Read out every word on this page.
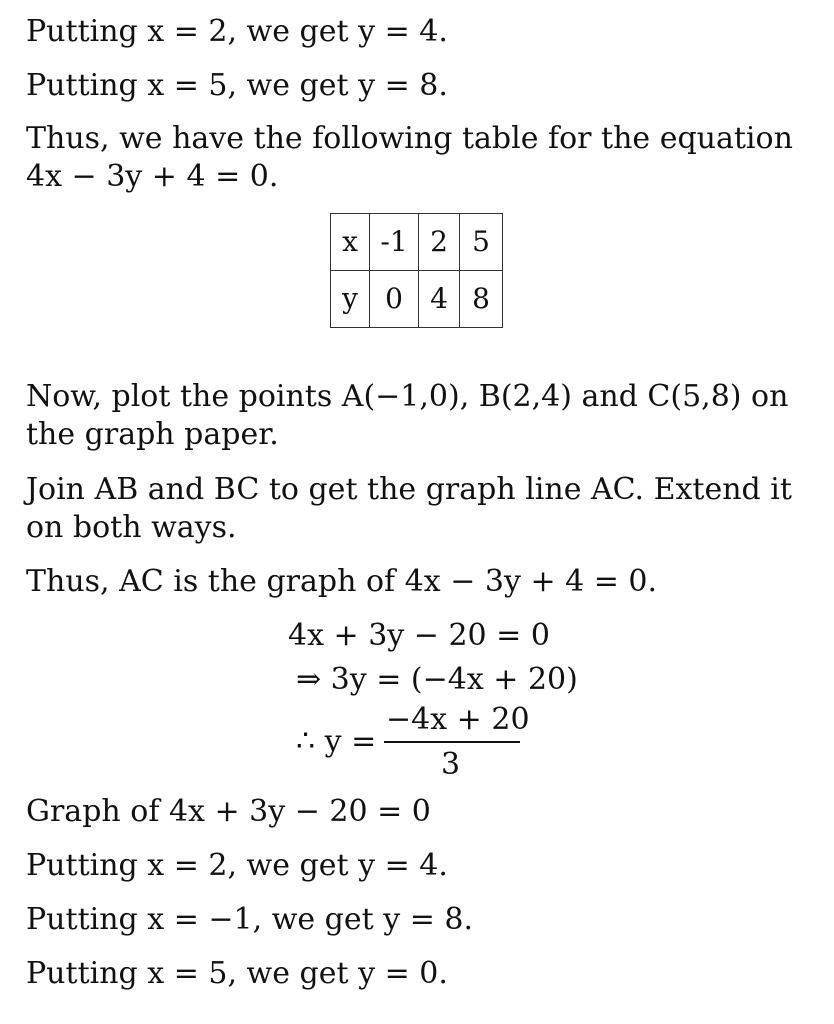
Putting x = 2, we get y = 4.
Putting x = 5, we get y = 8.
Thus, we have the following table for the equation 4x − 3y + 4 = 0.
x	-1	2	5
y	0	4	8
Now, plot the points A(−1,0), B(2,4) and C(5,8) on the graph paper.
Join AB and BC to get the graph line AC. Extend it on both ways.
Thus, AC is the graph of 4x − 3y + 4 = 0.
4x + 3y − 20 = 0
⇒ 3y = (−4x + 20)
∴ y =
−4x + 20
3
Graph of 4x + 3y − 20 = 0
Putting x = 2, we get y = 4.
Putting x = −1, we get y = 8.
Putting x = 5, we get y = 0.
